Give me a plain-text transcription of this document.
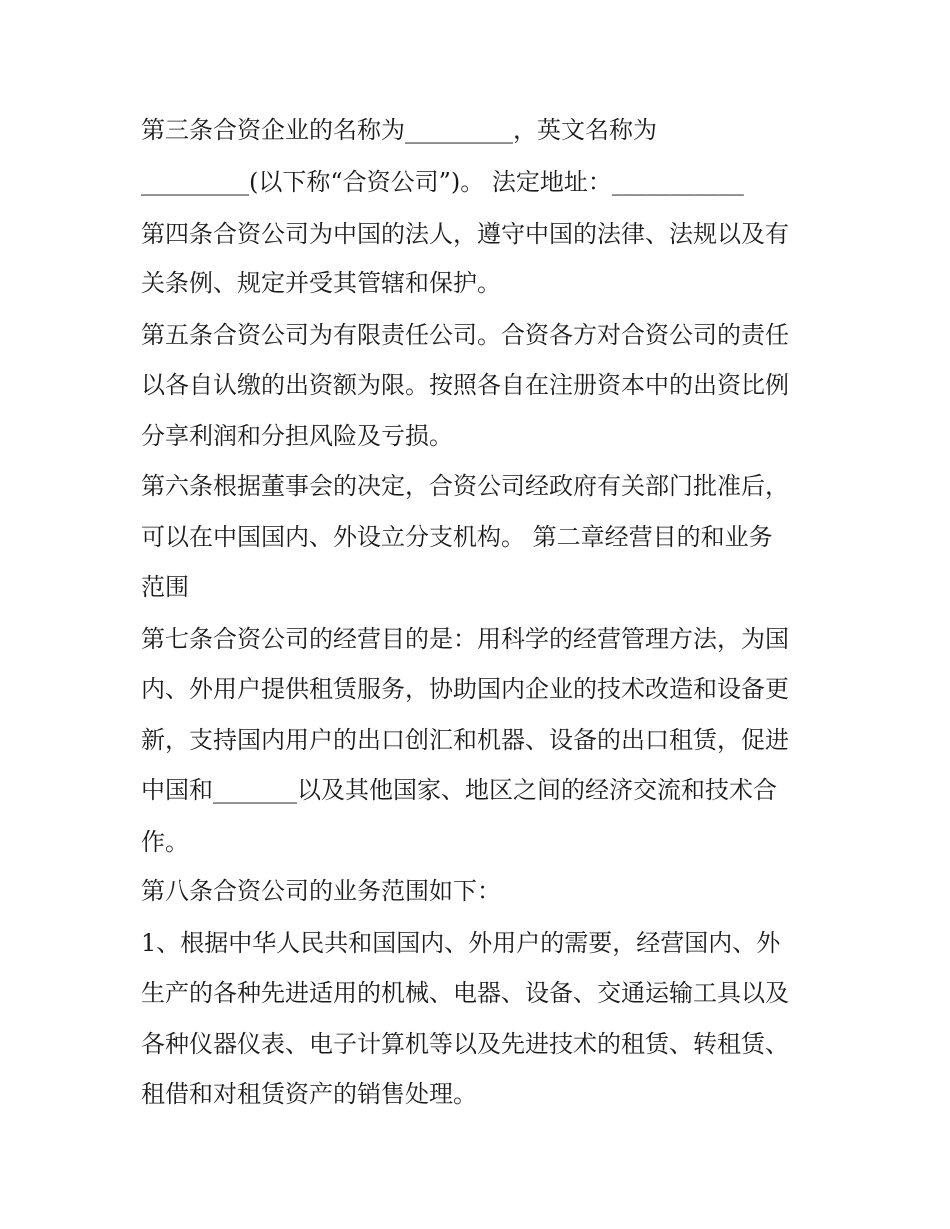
第三条合资企业的名称为_________，英文名称为
_________(以下称“合资公司”)。 法定地址：___________
第四条合资公司为中国的法人，遵守中国的法律、法规以及有
关条例、规定并受其管辖和保护。
第五条合资公司为有限责任公司。合资各方对合资公司的责任
以各自认缴的出资额为限。按照各自在注册资本中的出资比例
分享利润和分担风险及亏损。
第六条根据董事会的决定，合资公司经政府有关部门批准后，
可以在中国国内、外设立分支机构。 第二章经营目的和业务
范围
第七条合资公司的经营目的是：用科学的经营管理方法，为国
内、外用户提供租赁服务，协助国内企业的技术改造和设备更
新，支持国内用户的出口创汇和机器、设备的出口租赁，促进
中国和_______以及其他国家、地区之间的经济交流和技术合
作。
第八条合资公司的业务范围如下：
1、根据中华人民共和国国内、外用户的需要，经营国内、外
生产的各种先进适用的机械、电器、设备、交通运输工具以及
各种仪器仪表、电子计算机等以及先进技术的租赁、转租赁、
租借和对租赁资产的销售处理。
